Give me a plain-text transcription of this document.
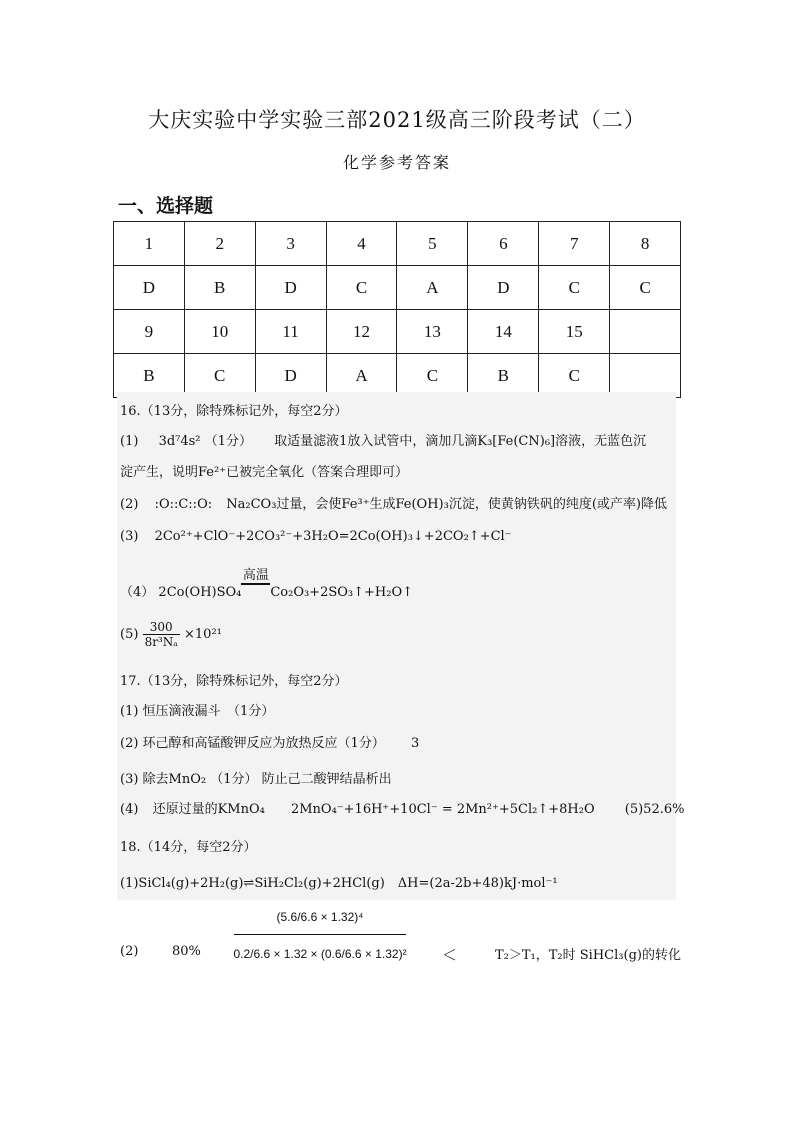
大庆实验中学实验三部2021级高三阶段考试（二）
化学参考答案
一、选择题
1	2	3	4	5	6	7	8
D	B	D	C	A	D	C	C
9	10	11	12	13	14	15	
B	C	D	A	C	B	C	
16.（13分，除特殊标记外，每空2分）
(1) 3d⁷4s² （1分） 取适量滤液1放入试管中，滴加几滴K₃[Fe(CN)₆]溶液，无蓝色沉
淀产生，说明Fe²⁺已被完全氧化（答案合理即可）
(2) :O::C::O: Na₂CO₃过量，会使Fe³⁺生成Fe(OH)₃沉淀，使黄钠铁矾的纯度(或产率)降低
(3) 2Co²⁺+ClO⁻+2CO₃²⁻+3H₂O=2Co(OH)₃↓+2CO₂↑+Cl⁻
（4） 2Co(OH)SO₄
高温
Co₂O₃+2SO₃↑+H₂O↑
$(5) \frac{300}{\text{8r³Nₐ}} \times 10^{21}$
17.（13分，除特殊标记外，每空2分）
(1) 恒压滴液漏斗　（1分）
(2) 环己醇和高锰酸钾反应为放热反应（1分） 3
(3) 除去MnO₂ （1分） 防止己二酸钾结晶析出
(4) 还原过量的KMnO₄ 2MnO₄⁻+16H⁺+10Cl⁻ = 2Mn²⁺+5Cl₂↑+8H₂O (5)52.6%
18.（14分，每空2分）
(1)SiCl₄(g)+2H₂(g)⇌SiH₂Cl₂(g)+2HCl(g)　ΔH=(2a-2b+48)kJ·mol⁻¹
(2)	80%
(5.6/6.6 × 1.32)⁴
0.2/6.6 × 1.32 × (0.6/6.6 × 1.32)² ＜	T₂＞T₁，T₂时 SiHCl₃(g)的转化
